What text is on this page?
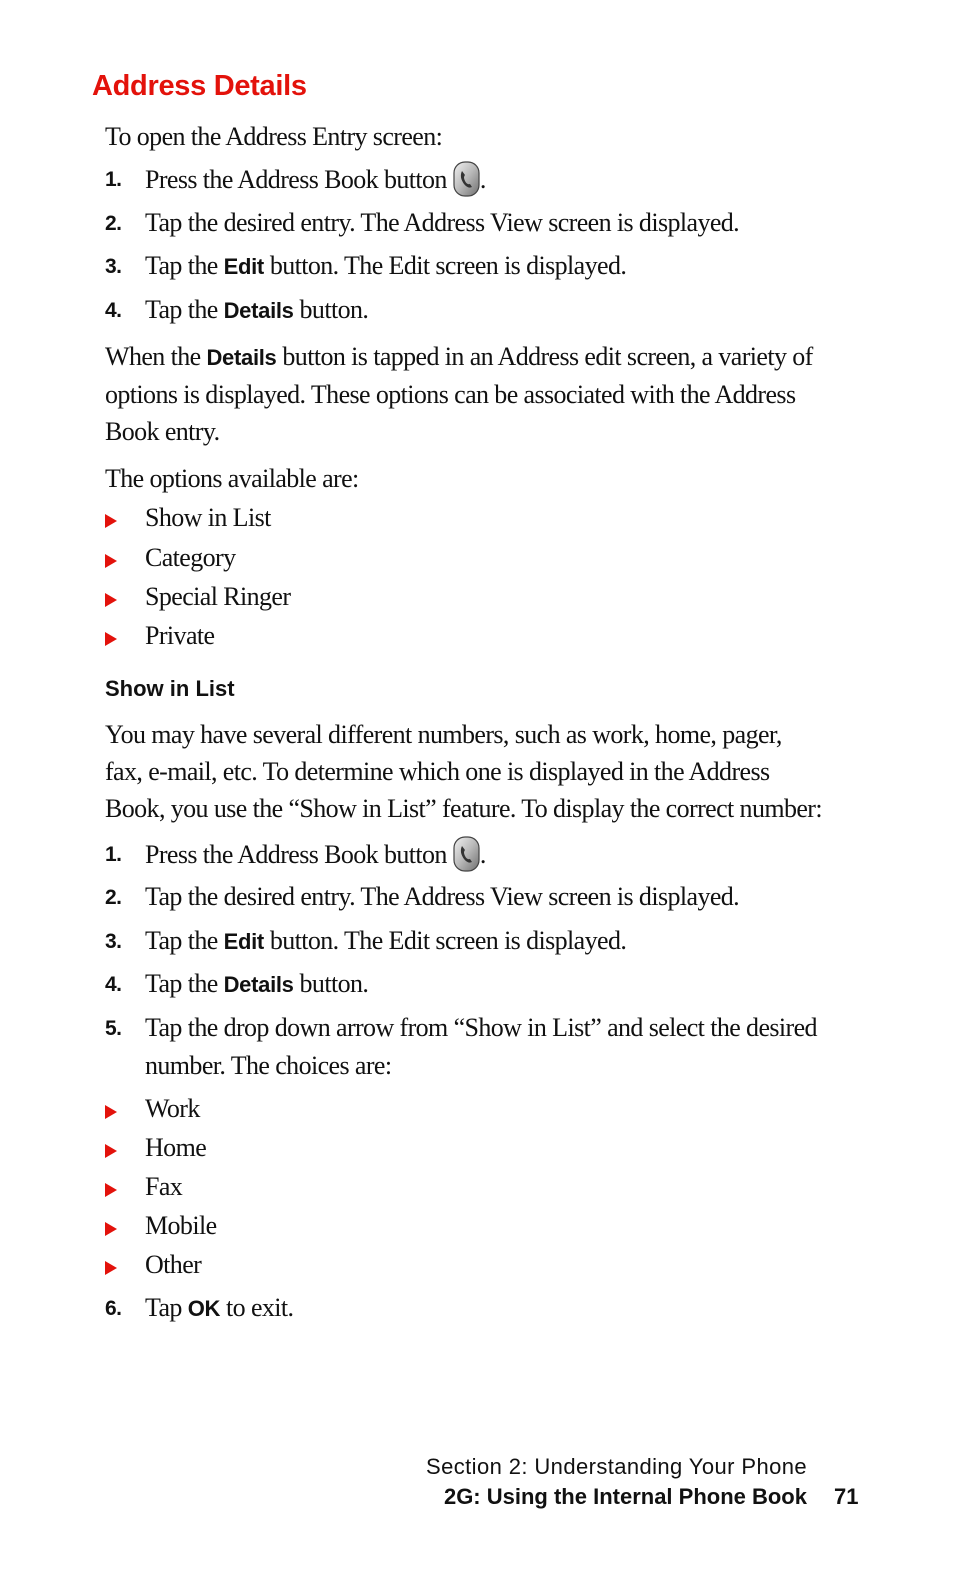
Address Details

To open the Address Entry screen:

1. Press the Address Book button .
2. Tap the desired entry. The Address View screen is displayed.
3. Tap the Edit button. The Edit screen is displayed.
4. Tap the Details button.

When the Details button is tapped in an Address edit screen, a variety of options is displayed. These options can be associated with the Address Book entry.

The options available are:

Show in List
Category
Special Ringer
Private
Show in List

You may have several different numbers, such as work, home, pager, fax, e-mail, etc. To determine which one is displayed in the Address Book, you use the “Show in List” feature. To display the correct number:

1. Press the Address Book button .
2. Tap the desired entry. The Address View screen is displayed.
3. Tap the Edit button. The Edit screen is displayed.
4. Tap the Details button.
5. Tap the drop down arrow from “Show in List” and select the desired number. The choices are:
Work
Home
Fax
Mobile
Other
6. Tap OK to exit.

Section 2: Understanding Your Phone

2G: Using the Internal Phone Book 71
